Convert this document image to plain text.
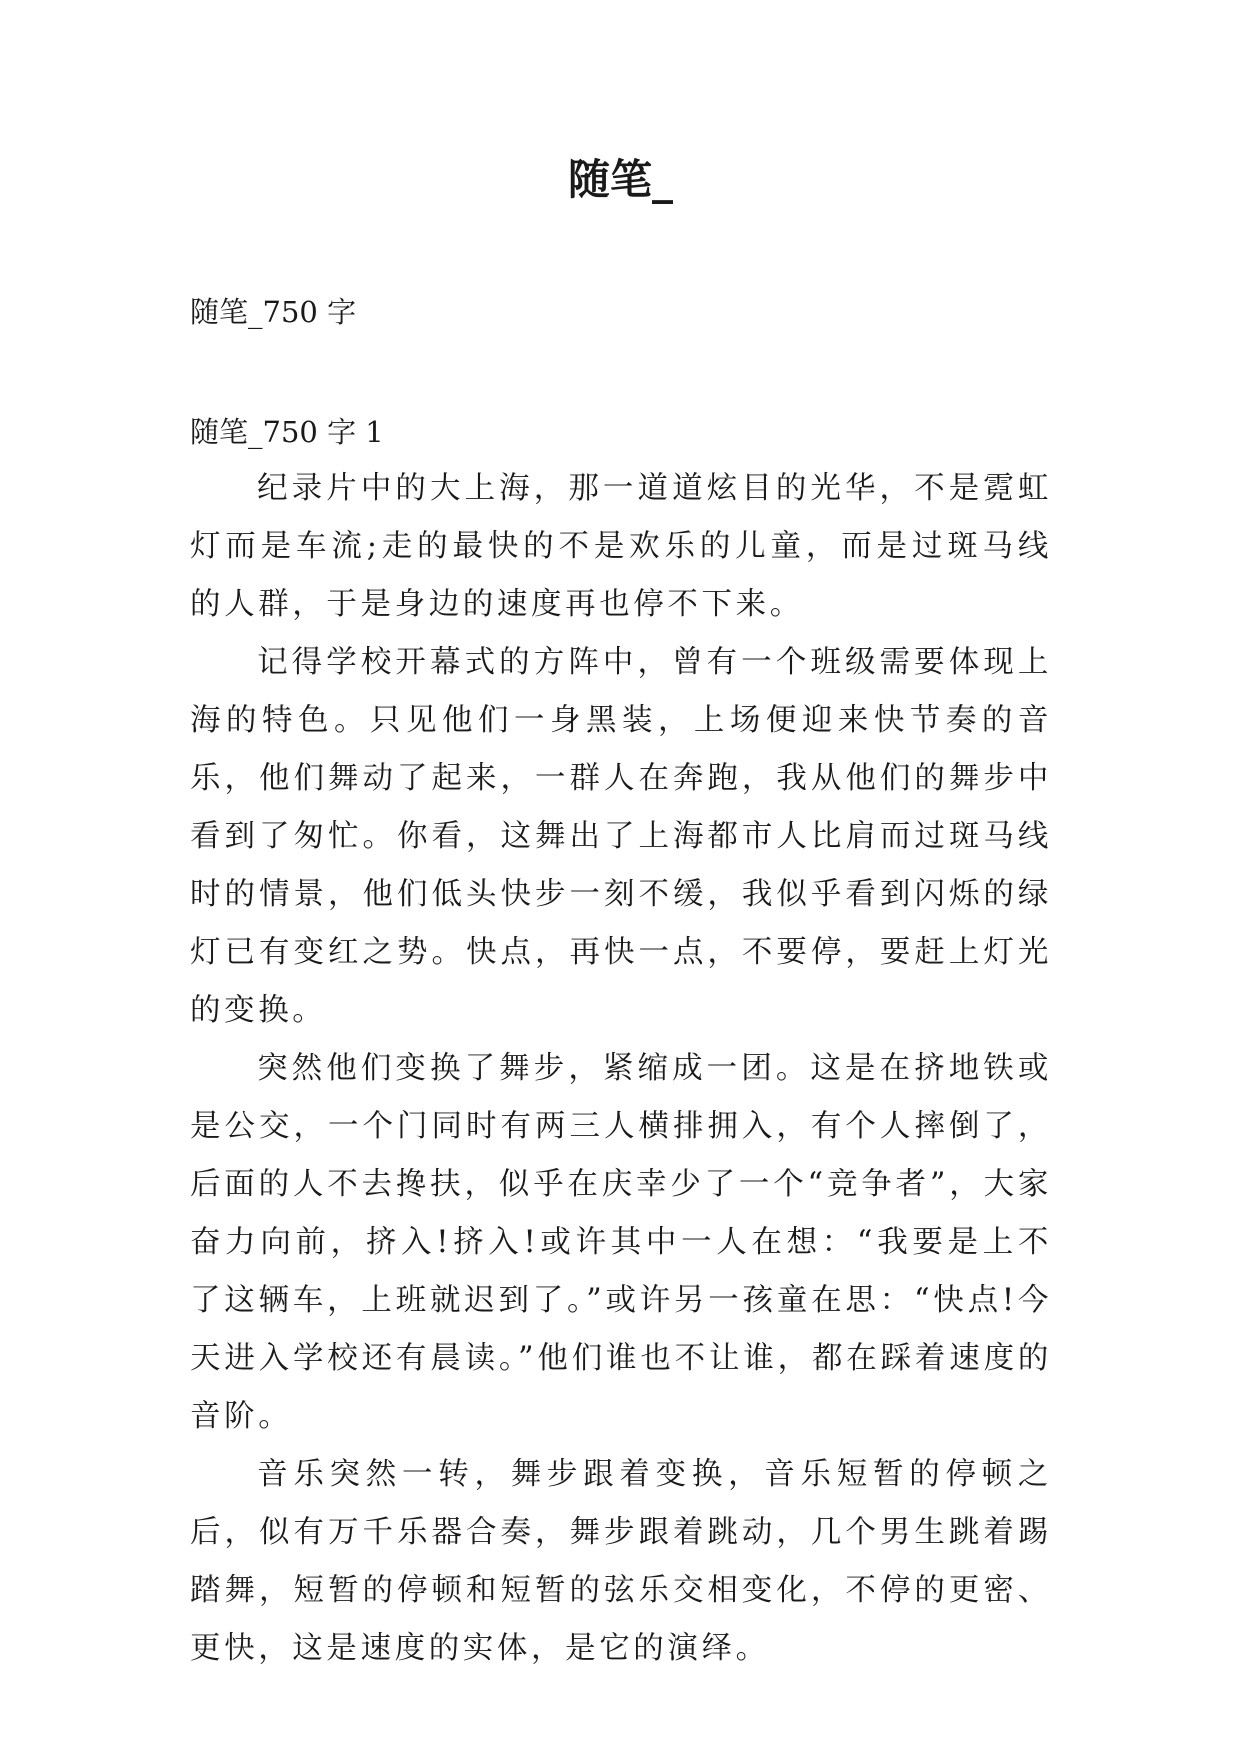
随笔_
随笔_750 字
随笔_750 字 1

纪录片中的大上海，那一道道炫目的光华，不是霓虹灯而是车流;走的最快的不是欢乐的儿童，而是过斑马线的人群，于是身边的速度再也停不下来。

记得学校开幕式的方阵中，曾有一个班级需要体现上海的特色。只见他们一身黑装，上场便迎来快节奏的音乐，他们舞动了起来，一群人在奔跑，我从他们的舞步中看到了匆忙。你看，这舞出了上海都市人比肩而过斑马线时的情景，他们低头快步一刻不缓，我似乎看到闪烁的绿灯已有变红之势。快点，再快一点，不要停，要赶上灯光的变换。

突然他们变换了舞步，紧缩成一团。这是在挤地铁或是公交，一个门同时有两三人横排拥入，有个人摔倒了，后面的人不去搀扶，似乎在庆幸少了一个“竞争者”，大家奋力向前，挤入!挤入!或许其中一人在想：“我要是上不了这辆车，上班就迟到了。”或许另一孩童在思：“快点!今天进入学校还有晨读。”他们谁也不让谁，都在踩着速度的音阶。

音乐突然一转，舞步跟着变换，音乐短暂的停顿之后，似有万千乐器合奏，舞步跟着跳动，几个男生跳着踢踏舞，短暂的停顿和短暂的弦乐交相变化，不停的更密、更快，这是速度的实体，是它的演绎。
